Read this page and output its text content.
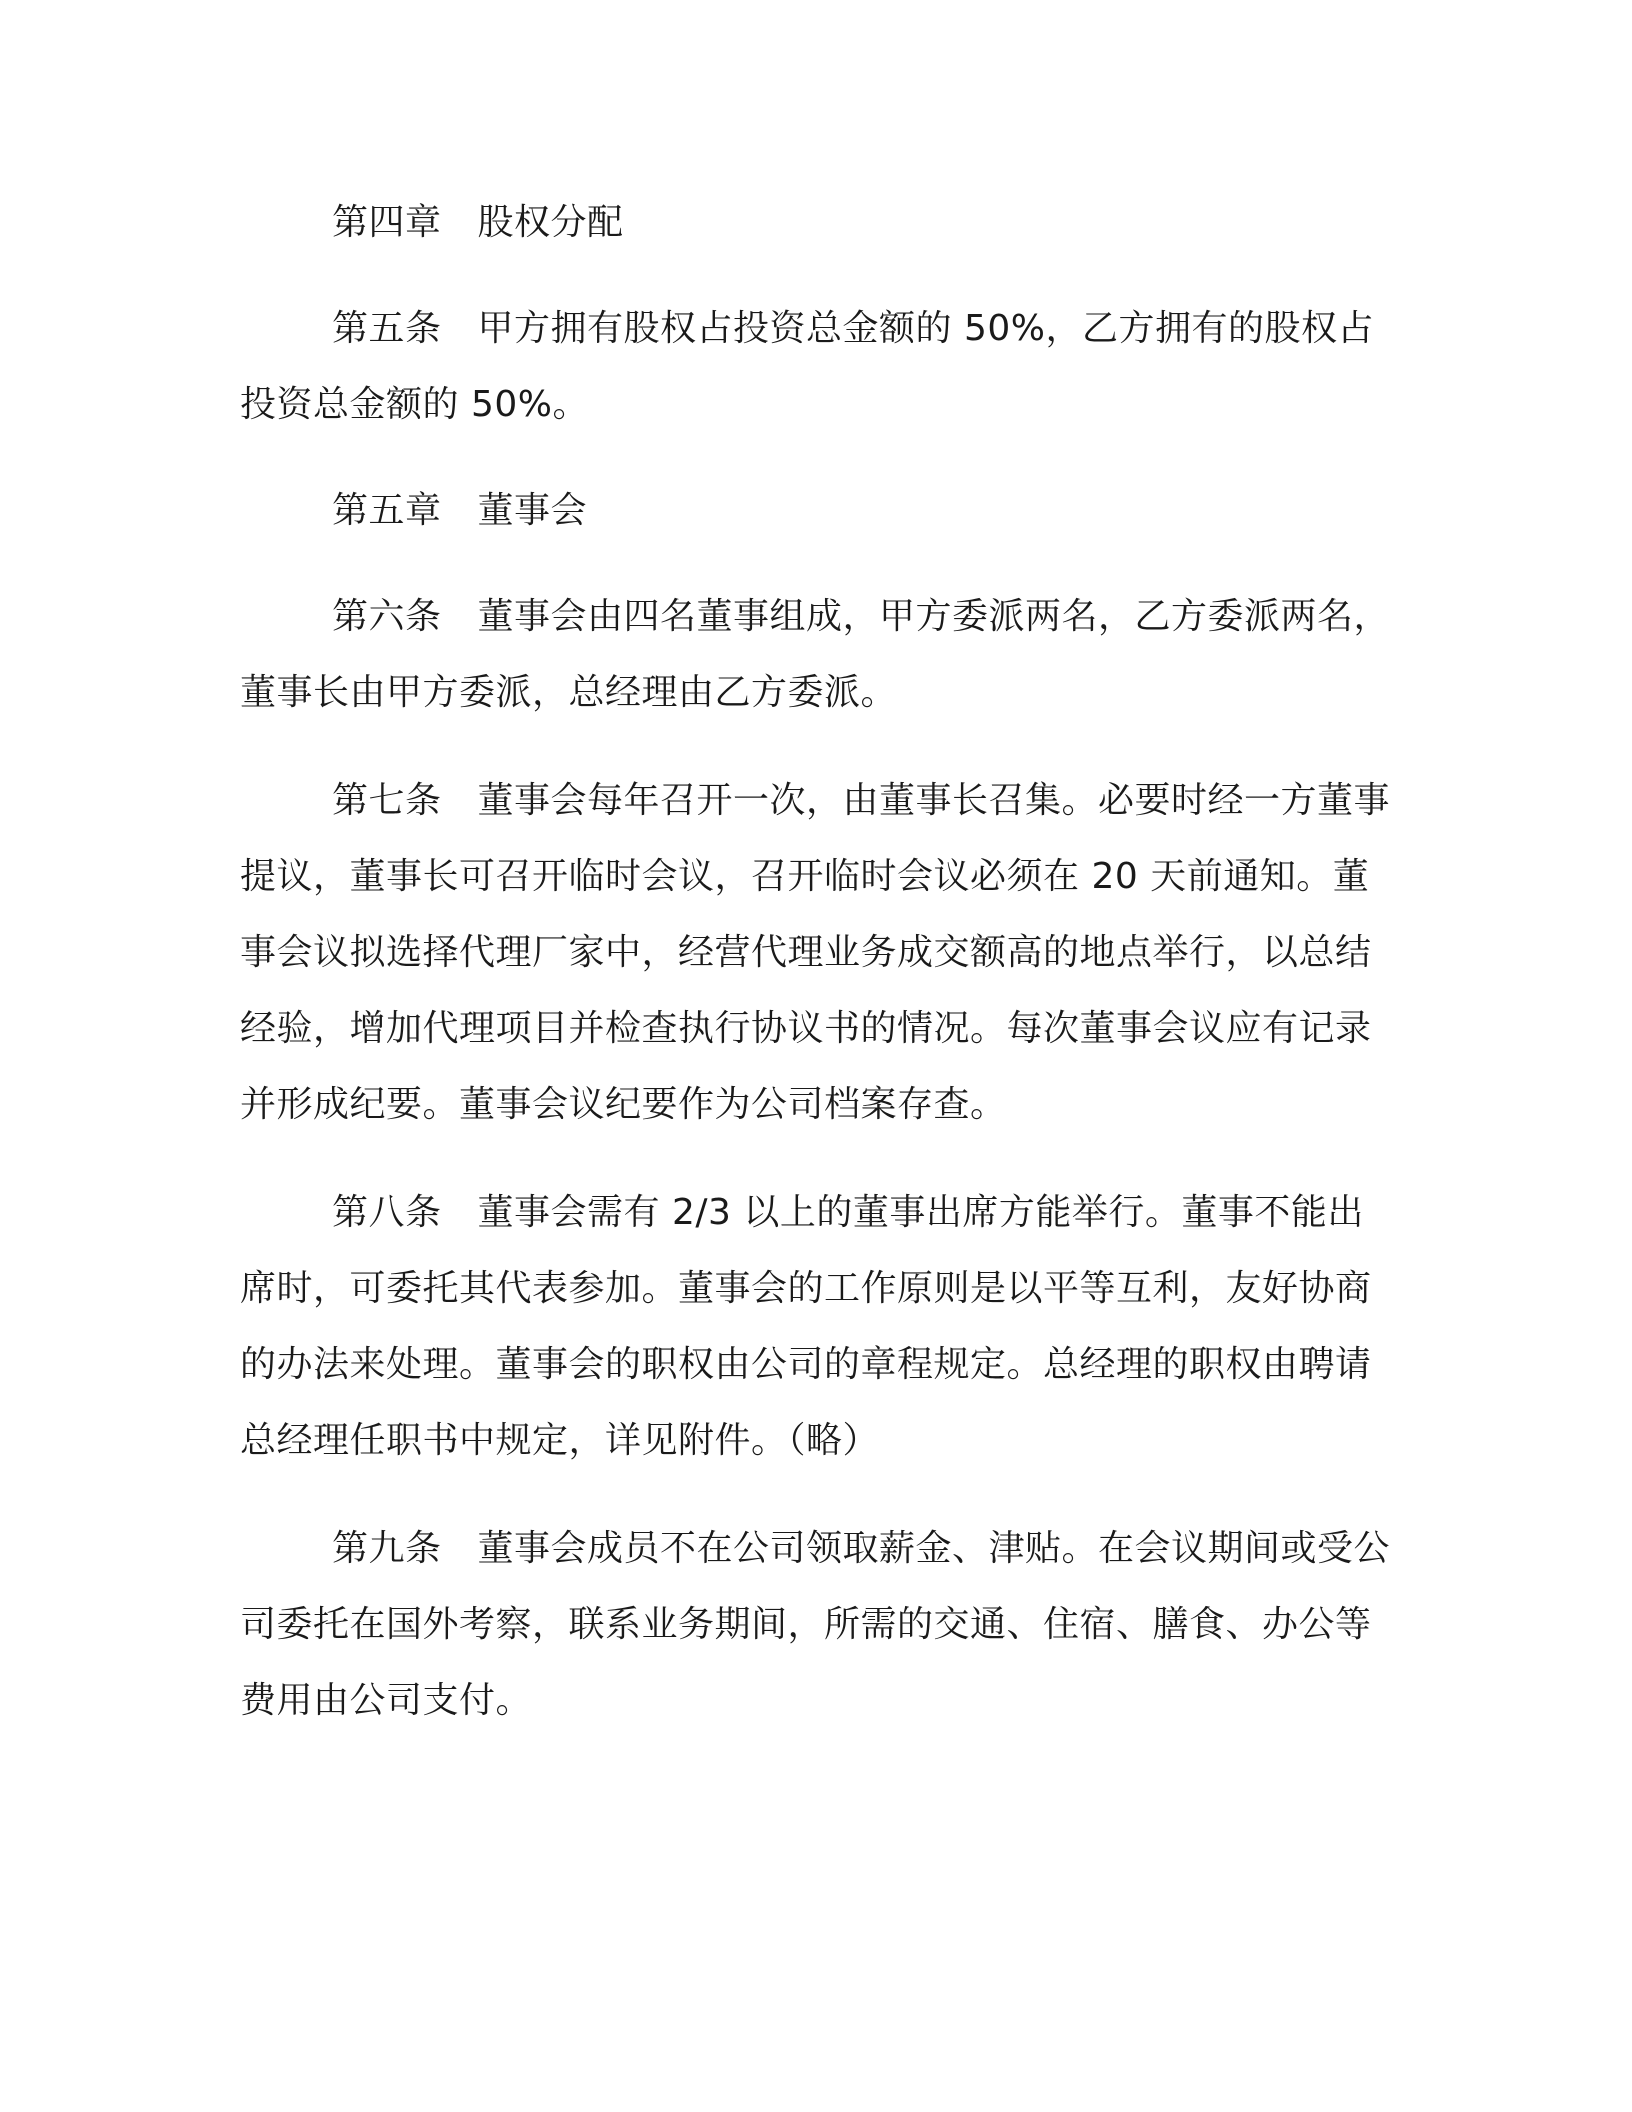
第四章 股权分配

第五条 甲方拥有股权占投资总金额的 50%，乙方拥有的股权占投资总金额的 50%。

第五章 董事会

第六条 董事会由四名董事组成，甲方委派两名，乙方委派两名，董事长由甲方委派，总经理由乙方委派。

第七条 董事会每年召开一次，由董事长召集。必要时经一方董事提议，董事长可召开临时会议，召开临时会议必须在 20 天前通知。董事会议拟选择代理厂家中，经营代理业务成交额高的地点举行，以总结经验，增加代理项目并检查执行协议书的情况。每次董事会议应有记录并形成纪要。董事会议纪要作为公司档案存查。

第八条 董事会需有 2/3 以上的董事出席方能举行。董事不能出席时，可委托其代表参加。董事会的工作原则是以平等互利，友好协商的办法来处理。董事会的职权由公司的章程规定。总经理的职权由聘请总经理任职书中规定，详见附件。（略）

第九条 董事会成员不在公司领取薪金、津贴。在会议期间或受公司委托在国外考察，联系业务期间，所需的交通、住宿、膳食、办公等费用由公司支付。
